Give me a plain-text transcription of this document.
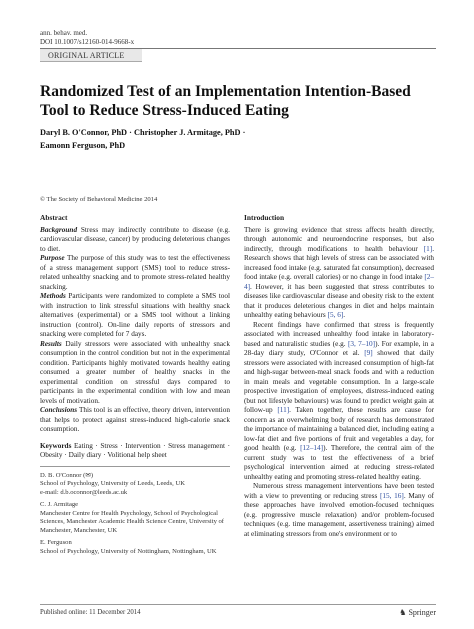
ann. behav. med.
DOI 10.1007/s12160-014-9668-x
ORIGINAL ARTICLE
Randomized Test of an Implementation Intention-Based Tool to Reduce Stress-Induced Eating
Daryl B. O'Connor, PhD · Christopher J. Armitage, PhD ·
Eamonn Ferguson, PhD
© The Society of Behavioral Medicine 2014
Abstract

Background Stress may indirectly contribute to disease (e.g. cardiovascular disease, cancer) by producing deleterious changes to diet.

Purpose The purpose of this study was to test the effectiveness of a stress management support (SMS) tool to reduce stress-related unhealthy snacking and to promote stress-related healthy snacking.

Methods Participants were randomized to complete a SMS tool with instruction to link stressful situations with healthy snack alternatives (experimental) or a SMS tool without a linking instruction (control). On-line daily reports of stressors and snacking were completed for 7 days.

Results Daily stressors were associated with unhealthy snack consumption in the control condition but not in the experimental condition. Participants highly motivated towards healthy eating consumed a greater number of healthy snacks in the experimental condition on stressful days compared to participants in the experimental condition with low and mean levels of motivation.

Conclusions This tool is an effective, theory driven, intervention that helps to protect against stress-induced high-calorie snack consumption.

Keywords Eating · Stress · Intervention · Stress management · Obesity · Daily diary · Volitional help sheet

D. B. O'Connor (✉)
School of Psychology, University of Leeds, Leeds, UK
e-mail: d.b.oconnor@leeds.ac.uk
C. J. Armitage
Manchester Centre for Health Psychology, School of Psychological Sciences, Manchester Academic Health Science Centre, University of Manchester, Manchester, UK
E. Ferguson
School of Psychology, University of Nottingham, Nottingham, UK
Introduction

There is growing evidence that stress affects health directly, through autonomic and neuroendocrine responses, but also indirectly, through modifications to health behaviour [1]. Research shows that high levels of stress can be associated with increased food intake (e.g. saturated fat consumption), decreased food intake (e.g. overall calories) or no change in food intake [2–4]. However, it has been suggested that stress contributes to diseases like cardiovascular disease and obesity risk to the extent that it produces deleterious changes in diet and helps maintain unhealthy eating behaviours [5, 6].

Recent findings have confirmed that stress is frequently associated with increased unhealthy food intake in laboratory-based and naturalistic studies (e.g. [3, 7–10]). For example, in a 28-day diary study, O'Connor et al. [9] showed that daily stressors were associated with increased consumption of high-fat and high-sugar between-meal snack foods and with a reduction in main meals and vegetable consumption. In a large-scale prospective investigation of employees, distress-induced eating (but not lifestyle behaviours) was found to predict weight gain at follow-up [11]. Taken together, these results are cause for concern as an overwhelming body of research has demonstrated the importance of maintaining a balanced diet, including eating a low-fat diet and five portions of fruit and vegetables a day, for good health (e.g. [12–14]). Therefore, the central aim of the current study was to test the effectiveness of a brief psychological intervention aimed at reducing stress-related unhealthy eating and promoting stress-related healthy eating.

Numerous stress management interventions have been tested with a view to preventing or reducing stress [15, 16]. Many of these approaches have involved emotion-focused techniques (e.g. progressive muscle relaxation) and/or problem-focused techniques (e.g. time management, assertiveness training) aimed at eliminating stressors from one's environment or to

Published online: 11 December 2014	♞ Springer
